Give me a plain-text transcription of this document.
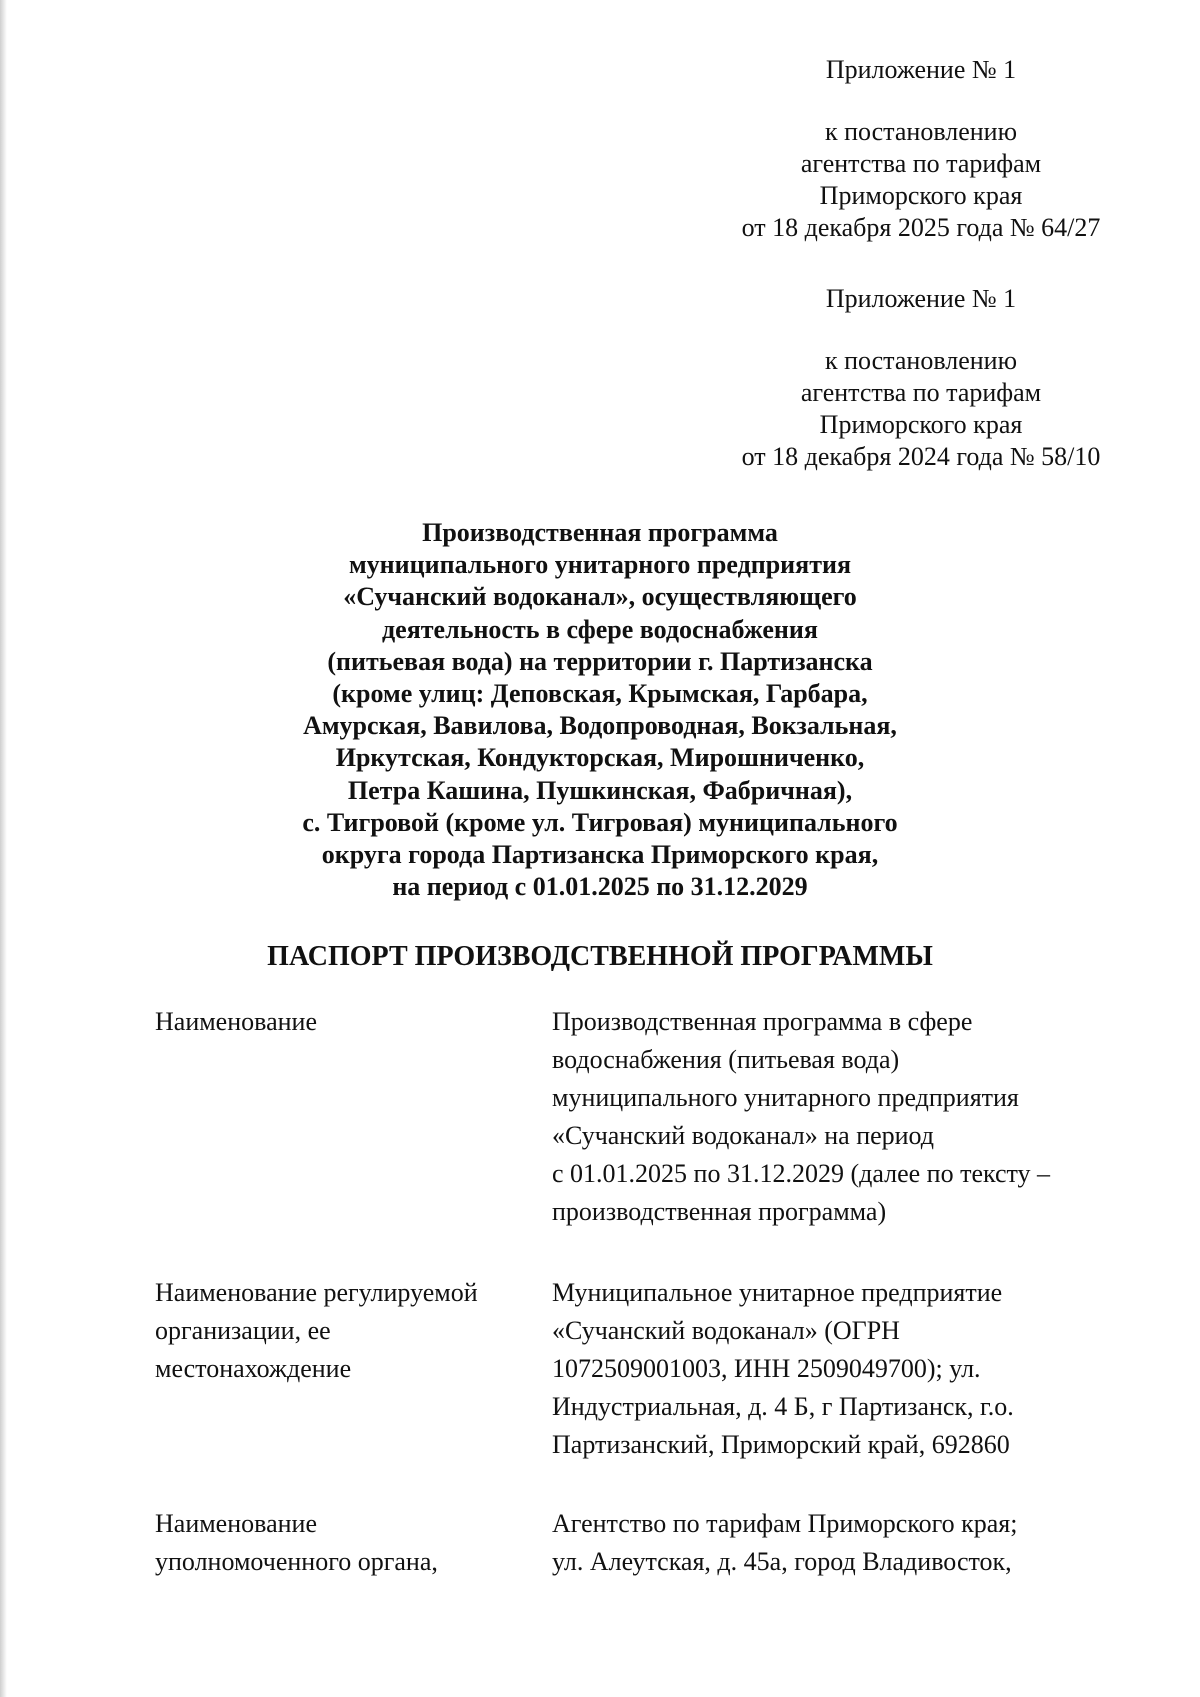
Приложение № 1
к постановлению
агентства по тарифам
Приморского края
от 18 декабря 2025 года № 64/27
Приложение № 1
к постановлению
агентства по тарифам
Приморского края
от 18 декабря 2024 года № 58/10
Производственная программа
муниципального унитарного предприятия
«Сучанский водоканал», осуществляющего
деятельность в сфере водоснабжения
(питьевая вода) на территории г. Партизанска
(кроме улиц: Деповская, Крымская, Гарбара,
Амурская, Вавилова, Водопроводная, Вокзальная,
Иркутская, Кондукторская, Мирошниченко,
Петра Кашина, Пушкинская, Фабричная),
с. Тигровой (кроме ул. Тигровая) муниципального
округа города Партизанска Приморского края,
на период с 01.01.2025 по 31.12.2029
ПАСПОРТ ПРОИЗВОДСТВЕННОЙ ПРОГРАММЫ
Наименование	Производственная программа в сфере
водоснабжения (питьевая вода)
муниципального унитарного предприятия
«Сучанский водоканал» на период
с 01.01.2025 по 31.12.2029 (далее по тексту –
производственная программа)
Наименование регулируемой
организации, ее
местонахождение
Муниципальное унитарное предприятие
«Сучанский водоканал» (ОГРН
1072509001003, ИНН 2509049700); ул.
Индустриальная, д. 4 Б, г Партизанск, г.о.
Партизанский, Приморский край, 692860
Наименование
уполномоченного органа,
Агентство по тарифам Приморского края;
ул. Алеутская, д. 45а, город Владивосток,
